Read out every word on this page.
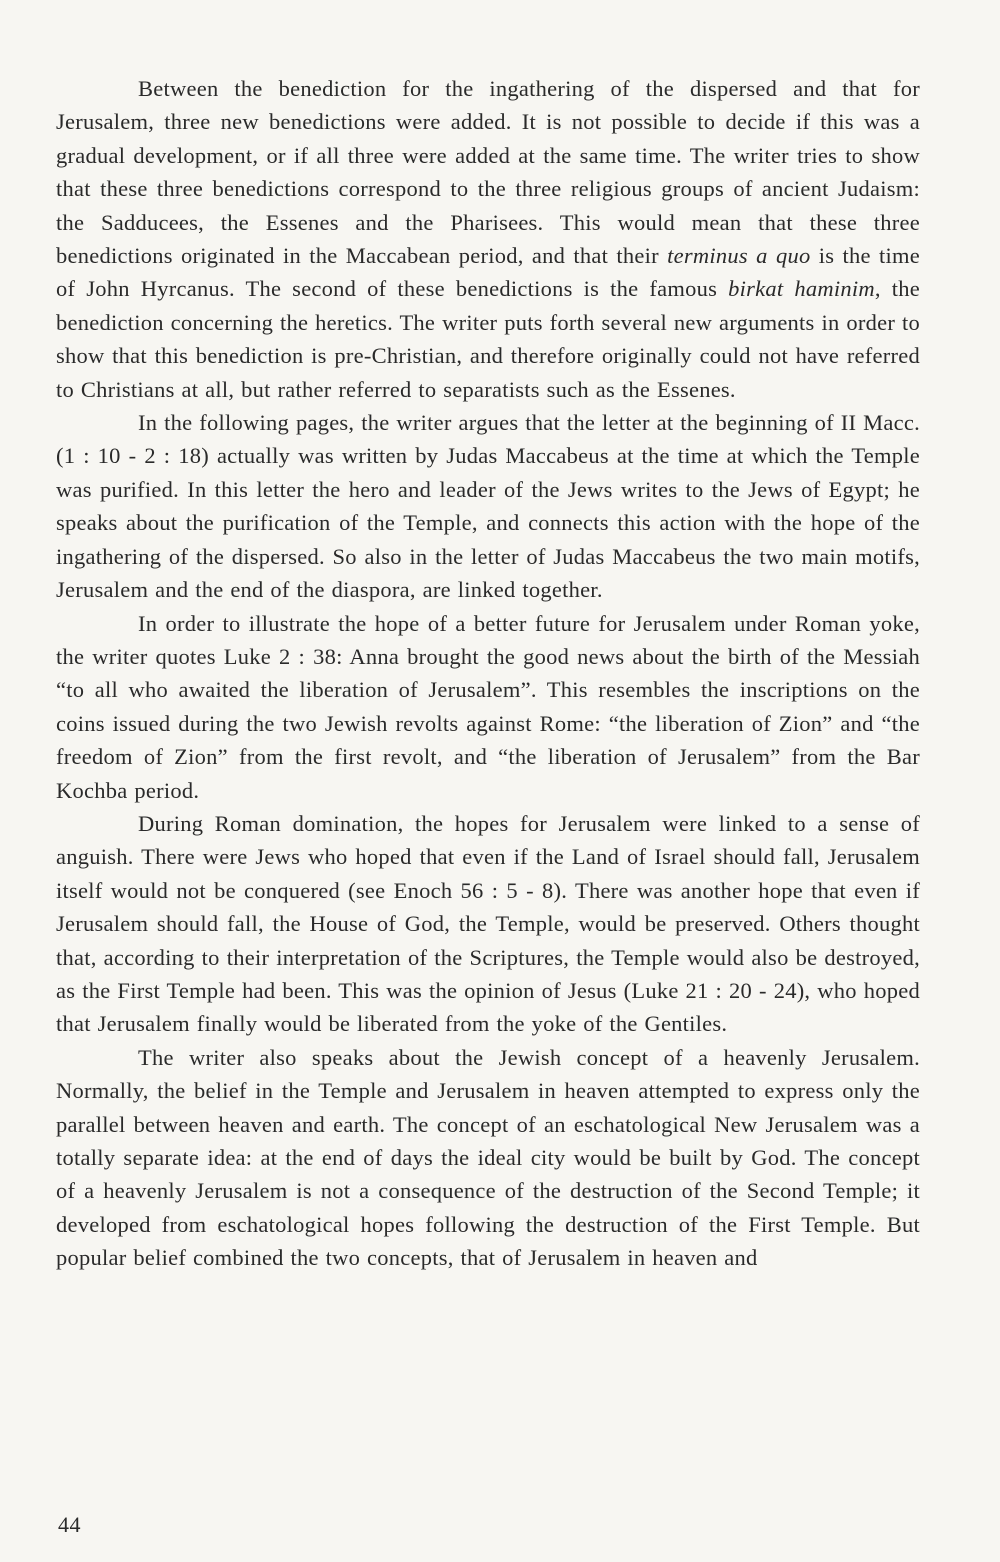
Between the benediction for the ingathering of the dispersed and that for Jerusalem, three new benedictions were added. It is not possible to decide if this was a gradual development, or if all three were added at the same time. The writer tries to show that these three benedictions correspond to the three religious groups of ancient Judaism: the Sadducees, the Essenes and the Pharisees. This would mean that these three benedictions originated in the Maccabean period, and that their terminus a quo is the time of John Hyrcanus. The second of these benedictions is the famous birkat haminim, the benediction concerning the heretics. The writer puts forth several new arguments in order to show that this benediction is pre-Christian, and therefore originally could not have referred to Christians at all, but rather referred to separatists such as the Essenes.

In the following pages, the writer argues that the letter at the beginning of II Macc. (1 : 10 - 2 : 18) actually was written by Judas Maccabeus at the time at which the Temple was purified. In this letter the hero and leader of the Jews writes to the Jews of Egypt; he speaks about the purification of the Temple, and connects this action with the hope of the ingathering of the dispersed. So also in the letter of Judas Maccabeus the two main motifs, Jerusalem and the end of the diaspora, are linked together.

In order to illustrate the hope of a better future for Jerusalem under Roman yoke, the writer quotes Luke 2 : 38: Anna brought the good news about the birth of the Messiah “to all who awaited the liberation of Jerusalem”. This resembles the inscriptions on the coins issued during the two Jewish revolts against Rome: “the liberation of Zion” and “the freedom of Zion” from the first revolt, and “the liberation of Jerusalem” from the Bar Kochba period.

During Roman domination, the hopes for Jerusalem were linked to a sense of anguish. There were Jews who hoped that even if the Land of Israel should fall, Jerusalem itself would not be conquered (see Enoch 56 : 5 - 8). There was another hope that even if Jerusalem should fall, the House of God, the Temple, would be preserved. Others thought that, according to their interpretation of the Scriptures, the Temple would also be destroyed, as the First Temple had been. This was the opinion of Jesus (Luke 21 : 20 - 24), who hoped that Jerusalem finally would be liberated from the yoke of the Gentiles.

The writer also speaks about the Jewish concept of a heavenly Jerusalem. Normally, the belief in the Temple and Jerusalem in heaven attempted to express only the parallel between heaven and earth. The concept of an eschatological New Jerusalem was a totally separate idea: at the end of days the ideal city would be built by God. The concept of a heavenly Jerusalem is not a consequence of the destruction of the Second Temple; it developed from eschatological hopes following the destruction of the First Temple. But popular belief combined the two concepts, that of Jerusalem in heaven and

44
